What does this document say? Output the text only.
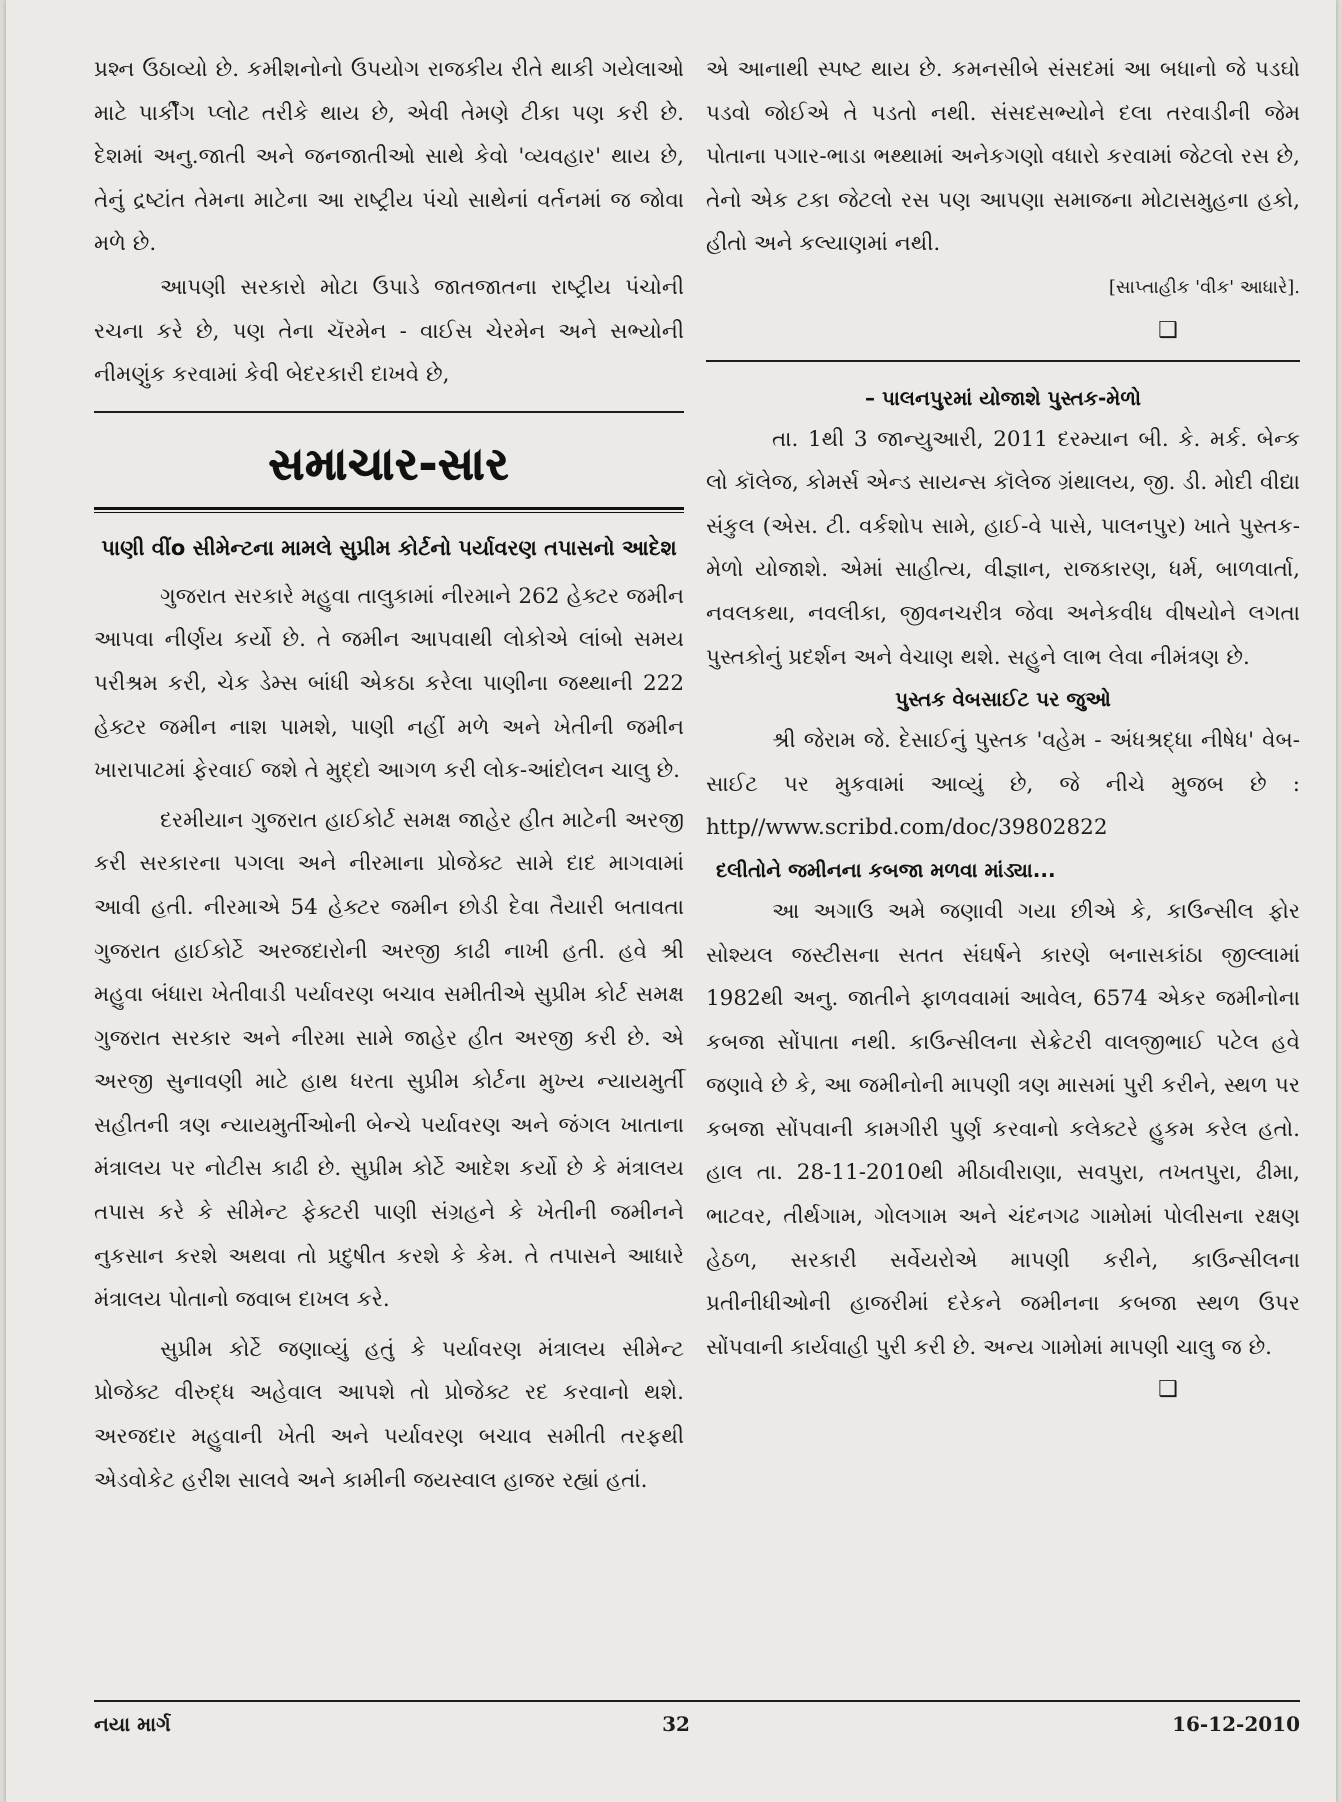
પ્રશ્ન ઉઠાવ્યો છે. કમીશનોનો ઉપયોગ રાજકીય રીતે થાકી ગયેલાઓ માટે પાર્કીંગ પ્લોટ તરીકે થાય છે, એવી તેમણે ટીકા પણ કરી છે. દેશમાં અનુ.જાતી અને જનજાતીઓ સાથે કેવો 'વ્યવહાર' થાય છે, તેનું દ્રષ્ટાંત તેમના માટેના આ રાષ્ટ્રીય પંચો સાથેનાં વર્તનમાં જ જોવા મળે છે.

આપણી સરકારો મોટા ઉપાડે જાતજાતના રાષ્ટ્રીય પંચોની રચના કરે છે, પણ તેના ચૅરમેન - વાઈસ ચેરમેન અને સભ્યોની નીમણુંક કરવામાં કેવી બેદરકારી દાખવે છે,

સમાચાર-સાર
પાણી વીંo સીમેન્ટના મામલે સુપ્રીમ કોર્ટનો પર્યાવરણ તપાસનો આદેશ

ગુજરાત સરકારે મહુવા તાલુકામાં નીરમાને 262 હેક્ટર જમીન આપવા નીર્ણય કર્યો છે. તે જમીન આપવાથી લોકોએ લાંબો સમય પરીશ્રમ કરી, ચેક ડેમ્સ બાંધી એકઠા કરેલા પાણીના જથ્થાની 222 હેક્ટર જમીન નાશ પામશે, પાણી નહીં મળે અને ખેતીની જમીન ખારાપાટમાં ફેરવાઈ જશે તે મુદ્દો આગળ કરી લોક-આંદોલન ચાલુ છે.

દરમીયાન ગુજરાત હાઈકોર્ટ સમક્ષ જાહેર હીત માટેની અરજી કરી સરકારના પગલા અને નીરમાના પ્રોજેક્ટ સામે દાદ માગવામાં આવી હતી. નીરમાએ 54 હેક્ટર જમીન છોડી દેવા તૈયારી બતાવતા ગુજરાત હાઈકોર્ટે અરજદારોની અરજી કાઢી નાખી હતી. હવે શ્રી મહુવા બંધારા ખેતીવાડી પર્યાવરણ બચાવ સમીતીએ સુપ્રીમ કોર્ટ સમક્ષ ગુજરાત સરકાર અને નીરમા સામે જાહેર હીત અરજી કરી છે. એ અરજી સુનાવણી માટે હાથ ધરતા સુપ્રીમ કોર્ટના મુખ્ય ન્યાયમુર્તી સહીતની ત્રણ ન્યાયમુર્તીઓની બેન્ચે પર્યાવરણ અને જંગલ ખાતાના મંત્રાલય પર નોટીસ કાઢી છે. સુપ્રીમ કોર્ટે આદેશ કર્યો છે કે મંત્રાલય તપાસ કરે કે સીમેન્ટ ફેક્ટરી પાણી સંગ્રહને કે ખેતીની જમીનને નુકસાન કરશે અથવા તો પ્રદુષીત કરશે કે કેમ. તે તપાસને આધારે મંત્રાલય પોતાનો જવાબ દાખલ કરે.

સુપ્રીમ કોર્ટે જણાવ્યું હતું કે પર્યાવરણ મંત્રાલય સીમેન્ટ પ્રોજેક્ટ વીરુદ્ધ અહેવાલ આપશે તો પ્રોજેક્ટ રદ કરવાનો થશે. અરજદાર મહુવાની ખેતી અને પર્યાવરણ બચાવ સમીતી તરફથી એડવોકેટ હરીશ સાલવે અને કામીની જયસ્વાલ હાજર રહ્યાં હતાં.

એ આનાથી સ્પષ્ટ થાય છે. કમનસીબે સંસદમાં આ બધાનો જે પડઘો પડવો જોઈએ તે પડતો નથી. સંસદસભ્યોને દલા તરવાડીની જેમ પોતાના પગાર-ભાડા ભથ્થામાં અનેકગણો વધારો કરવામાં જેટલો રસ છે, તેનો એક ટકા જેટલો રસ પણ આપણા સમાજના મોટાસમુહના હકો, હીતો અને કલ્યાણમાં નથી.

[સાપ્તાહીક 'વીક' આધારે].

❑
– પાલનપુરમાં યોજાશે પુસ્તક-મેળો

તા. 1થી 3 જાન્યુઆરી, 2011 દરમ્યાન બી. કે. મર્ક. બેન્ક લો કૉલેજ, કોમર્સ એન્ડ સાયન્સ કૉલેજ ગ્રંથાલય, જી. ડી. મોદી વીદ્યા સંકુલ (એસ. ટી. વર્કશોપ સામે, હાઈ-વે પાસે, પાલનપુર) ખાતે પુસ્તક-મેળો યોજાશે. એમાં સાહીત્ય, વીજ્ઞાન, રાજકારણ, ધર્મ, બાળવાર્તા, નવલકથા, નવલીકા, જીવનચરીત્ર જેવા અનેકવીધ વીષયોને લગતા પુસ્તકોનું પ્રદર્શન અને વેચાણ થશે. સહુને લાભ લેવા નીમંત્રણ છે.

પુસ્તક વેબસાઈટ પર જુઓ

શ્રી જેરામ જે. દેસાઈનું પુસ્તક 'વહેમ - અંધશ્રદ્ધા નીષેધ' વેબ-સાઈટ પર મુકવામાં આવ્યું છે, જે નીચે મુજબ છે : http//www.scribd.com/doc/39802822

દલીતોને જમીનના કબજા મળવા માંડ્યા...

આ અગાઉ અમે જણાવી ગયા છીએ કે, કાઉન્સીલ ફોર સોશ્યલ જસ્ટીસના સતત સંઘર્ષને કારણે બનાસકાંઠા જીલ્લામાં 1982થી અનુ. જાતીને ફાળવવામાં આવેલ, 6574 એકર જમીનોના કબજા સોંપાતા નથી. કાઉન્સીલના સેક્રેટરી વાલજીભાઈ પટેલ હવે જણાવે છે કે, આ જમીનોની માપણી ત્રણ માસમાં પુરી કરીને, સ્થળ પર કબજા સોંપવાની કામગીરી પુર્ણ કરવાનો કલેક્ટરે હુકમ કરેલ હતો. હાલ તા. 28-11-2010થી મીઠાવીરાણા, સવપુરા, તખતપુરા, ઢીમા, ભાટવર, તીર્થગામ, ગોલગામ અને ચંદનગઢ ગામોમાં પોલીસના રક્ષણ હેઠળ, સરકારી સર્વેયરોએ માપણી કરીને, કાઉન્સીલના પ્રતીનીધીઓની હાજરીમાં દરેકને જમીનના કબજા સ્થળ ઉપર સોંપવાની કાર્યવાહી પુરી કરી છે. અન્ય ગામોમાં માપણી ચાલુ જ છે.

❑
નયા માર્ગ	32	16-12-2010
